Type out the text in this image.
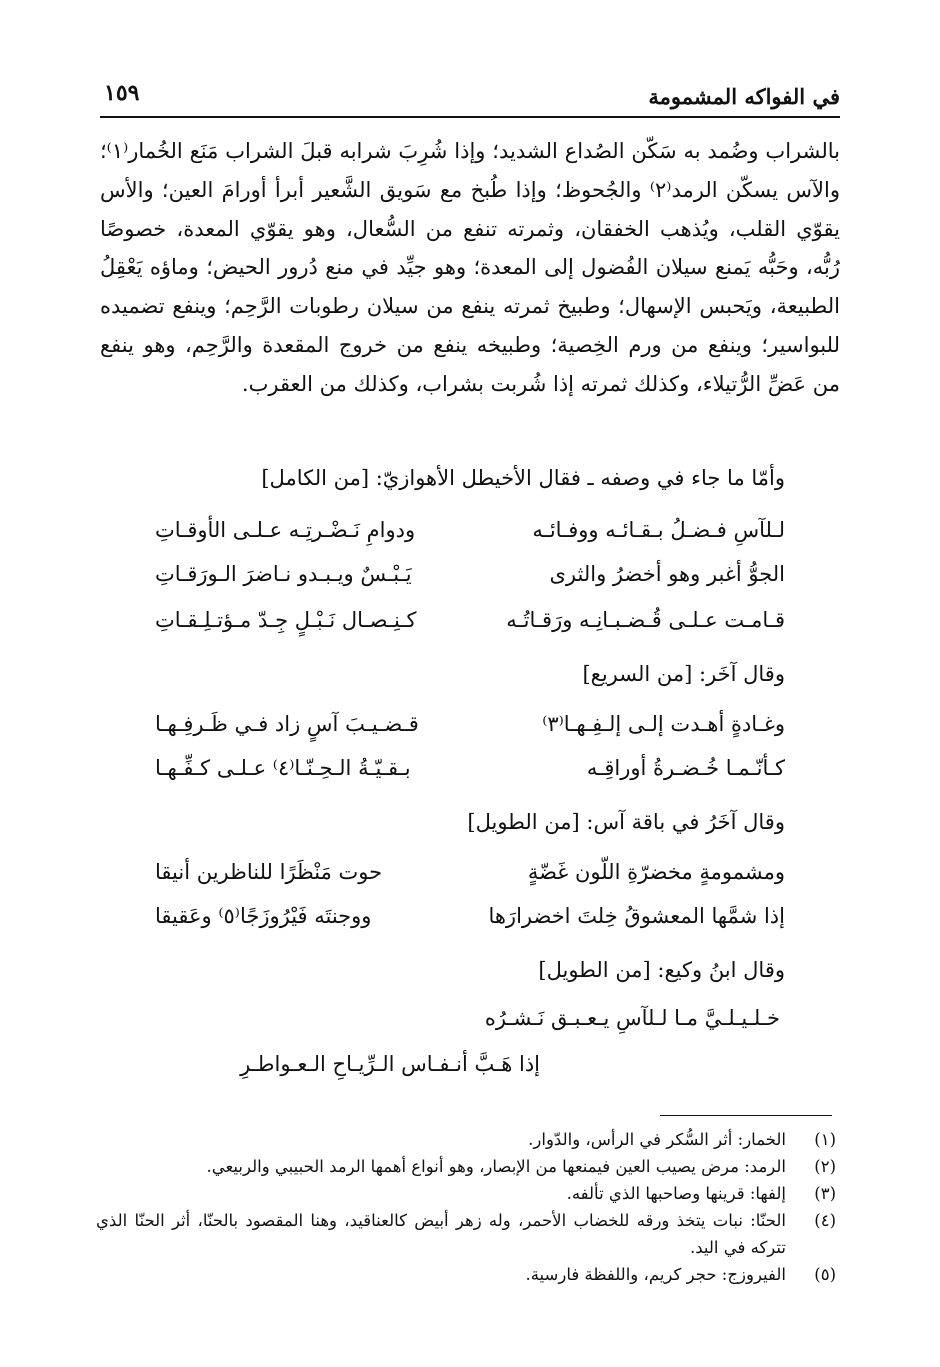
في الفواكه المشمومة
١٥٩

بالشراب وضُمد به سَكّن الصُداع الشديد؛ وإذا شُرِبَ شرابه قبلَ الشراب مَنَع الخُمار⁽١⁾؛ والآس يسكّن الرمد⁽٢⁾ والجُحوظ؛ وإذا طُبخ مع سَويق الشَّعير أبرأ أورامَ العين؛ والأس يقوّي القلب، ويُذهب الخفقان، وثمرته تنفع من السُّعال، وهو يقوّي المعدة، خصوصًا رُبُّه، وحَبُّه يَمنع سيلان الفُضول إلى المعدة؛ وهو جيِّد في منع دُرور الحيض؛ وماؤه يَعْقِلُ الطبيعة، ويَحبس الإسهال؛ وطبيخ ثمرته ينفع من سيلان رطوبات الرَّحِم؛ وينفع تضميده للبواسير؛ وينفع من ورم الخِصية؛ وطبيخه ينفع من خروج المقعدة والرَّحِم، وهو ينفع من عَضِّ الرُّتيلاء، وكذلك ثمرته إذا شُربت بشراب، وكذلك من العقرب.

وأمّا ما جاء في وصفه ـ فقال الأخيطل الأهوازيّ: [من الكامل]
لـلآسِ فـضـلُ بـقـائـه ووفـائـه
ودوامِ نَـضْـرتِـه عـلـى الأوقـاتِ
الجوُّ أغبر وهو أخضرُ والثرى
يَـبْـسٌ ويـبـدو نـاضرَ الـورَقـاتِ
قـامـت عـلـى قُـضـبـانِـه ورَقـاتُـه
كـنِـصـال نَـبْـلٍ جِـدّ مـؤتـلِـقـاتِ
وقال آخَر: [من السريع]
وغـادةٍ أهـدت إلـى إلـفِـهـا⁽٣⁾
قـضـيـبَ آسٍ زاد فـي ظَـرفِـهـا
كـأنّـمـا خُـضـرةُ أوراقِـه
بـقـيّـةُ الـحِـنّـا⁽٤⁾ عـلـى كـفِّـهـا
وقال آخَرُ في باقة آس: [من الطويل]
ومشمومةٍ مخضرّةِ اللّون غَضّةٍ
حوت مَنْظَرًا للناظرين أنيقا
إذا شمَّها المعشوقُ خِلتَ اخضرارَها
ووجنتَه فَيْرُوزَجًا⁽٥⁾ وعَقيقا
وقال ابنُ وكيع: [من الطويل]
خـلـيـلـيَّ مـا لـلآسِ يـعـبـق نَـشـرُه
إذا هَـبَّ أنـفـاس الـرِّيـاحِ الـعـواطـرِ
(١)
الخمار: أثر السُّكر في الرأس، والدّوار.
(٢)
الرمد: مرض يصيب العين فيمنعها من الإبصار، وهو أنواع أهمها الرمد الحبيبي والربيعي.
(٣)
إلفها: قرينها وصاحبها الذي تألفه.
(٤)
الحنّا: نبات يتخذ ورقه للخضاب الأحمر، وله زهر أبيض كالعناقيد، وهنا المقصود بالحنّا، أثر الحنّا الذي تتركه في اليد.
(٥)
الفيروزج: حجر كريم، واللفظة فارسية.
